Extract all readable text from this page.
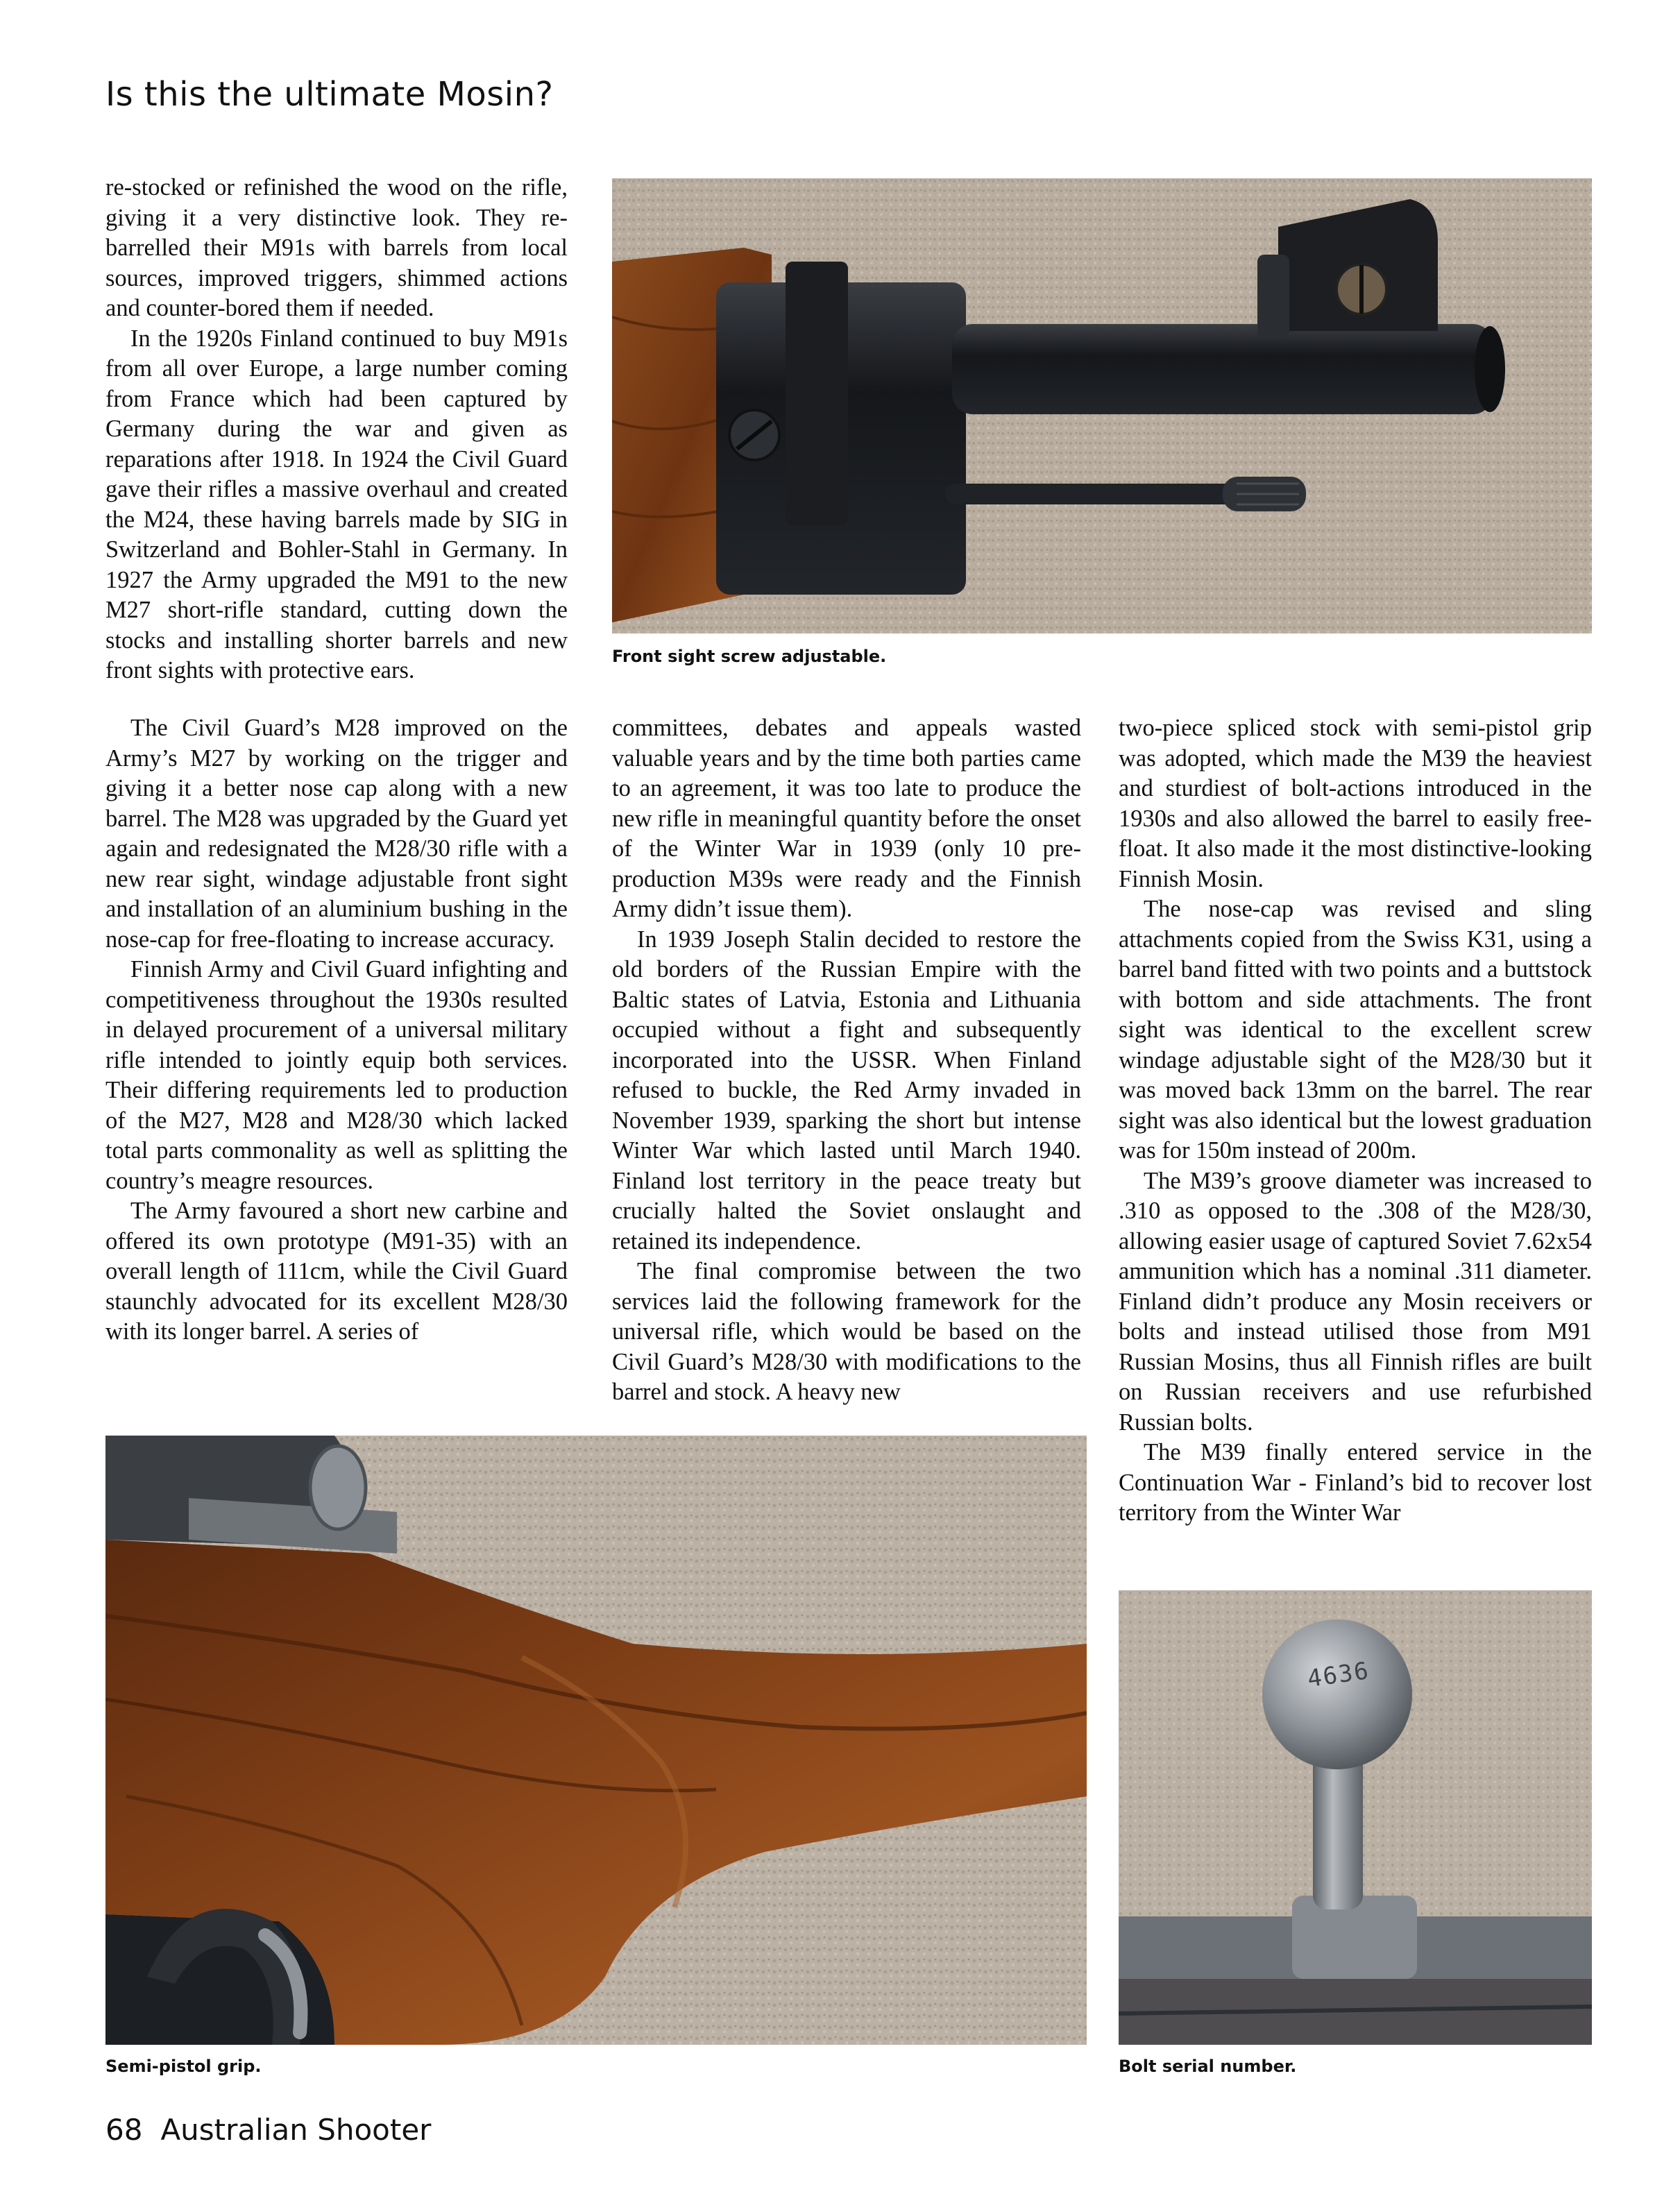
Is this the ultimate Mosin?

re-stocked or refinished the wood on the rifle, giving it a very distinctive look. They re-barrelled their M91s with barrels from local sources, improved triggers, shimmed actions and counter-bored them if needed.

In the 1920s Finland continued to buy M91s from all over Europe, a large number coming from France which had been captured by Germany during the war and given as reparations after 1918. In 1924 the Civil Guard gave their rifles a massive overhaul and created the M24, these having barrels made by SIG in Switzerland and Bohler-Stahl in Germany. In 1927 the Army upgraded the M91 to the new M27 short-rifle standard, cutting down the stocks and installing shorter barrels and new front sights with protective ears.

The Civil Guard’s M28 improved on the Army’s M27 by working on the trigger and giving it a better nose cap along with a new barrel. The M28 was upgraded by the Guard yet again and redesignated the M28/30 rifle with a new rear sight, windage adjustable front sight and installation of an aluminium bushing in the nose-cap for free-floating to increase accuracy.

Finnish Army and Civil Guard infighting and competitiveness throughout the 1930s resulted in delayed procurement of a universal military rifle intended to jointly equip both services. Their differing requirements led to production of the M27, M28 and M28/30 which lacked total parts commonality as well as splitting the country’s meagre resources.

The Army favoured a short new carbine and offered its own prototype (M91-35) with an overall length of 111cm, while the Civil Guard staunchly advocated for its excellent M28/30 with its longer barrel. A series of

committees, debates and appeals wasted valuable years and by the time both parties came to an agreement, it was too late to produce the new rifle in meaningful quantity before the onset of the Winter War in 1939 (only 10 pre-production M39s were ready and the Finnish Army didn’t issue them).

In 1939 Joseph Stalin decided to restore the old borders of the Russian Empire with the Baltic states of Latvia, Estonia and Lithuania occupied without a fight and subsequently incorporated into the USSR. When Finland refused to buckle, the Red Army invaded in November 1939, sparking the short but intense Winter War which lasted until March 1940. Finland lost territory in the peace treaty but crucially halted the Soviet onslaught and retained its independence.

The final compromise between the two services laid the following framework for the universal rifle, which would be based on the Civil Guard’s M28/30 with modifications to the barrel and stock. A heavy new

two-piece spliced stock with semi-pistol grip was adopted, which made the M39 the heaviest and sturdiest of bolt-actions introduced in the 1930s and also allowed the barrel to easily free-float. It also made it the most distinctive-looking Finnish Mosin.

The nose-cap was revised and sling attachments copied from the Swiss K31, using a barrel band fitted with two points and a buttstock with bottom and side attachments. The front sight was identical to the excellent screw windage adjustable sight of the M28/30 but it was moved back 13mm on the barrel. The rear sight was also identical but the lowest graduation was for 150m instead of 200m.

The M39’s groove diameter was increased to .310 as opposed to the .308 of the M28/30, allowing easier usage of captured Soviet 7.62x54 ammunition which has a nominal .311 diameter. Finland didn’t produce any Mosin receivers or bolts and instead utilised those from M91 Russian Mosins, thus all Finnish rifles are built on Russian receivers and use refurbished Russian bolts.

The M39 finally entered service in the Continuation War - Finland’s bid to recover lost territory from the Winter War

Front sight screw adjustable.
Semi-pistol grip.
4636
Bolt serial number.
68 Australian Shooter
